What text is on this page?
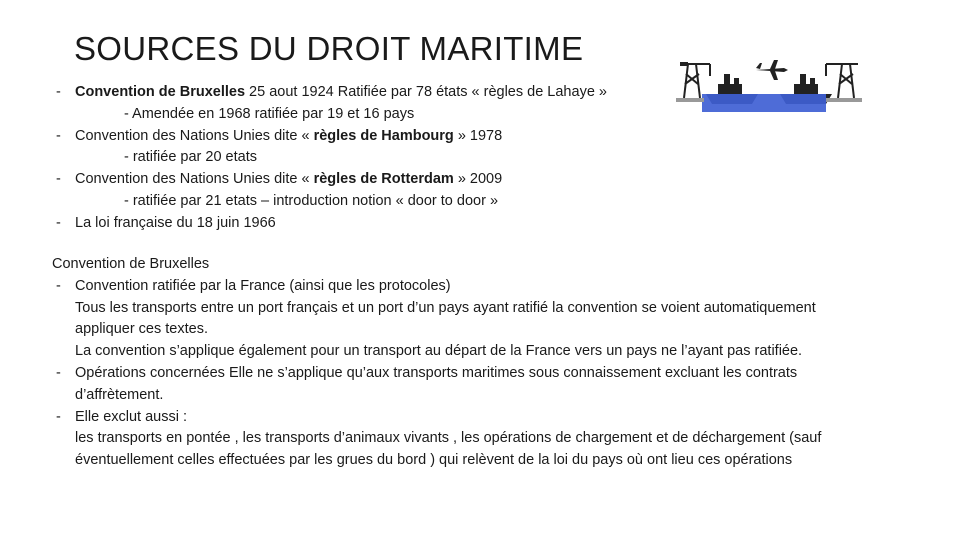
SOURCES DU DROIT MARITIME
- Convention de Bruxelles 25 aout 1924 Ratifiée par 78 états « règles de Lahaye »
- Amendée en 1968 ratifiée par 19 et 16 pays
- Convention des Nations Unies dite « règles de Hambourg » 1978
- ratifiée par 20 etats
- Convention des Nations Unies dite « règles de Rotterdam » 2009
- ratifiée par 21 etats – introduction notion « door to door »
- La loi française du 18 juin 1966
Convention de Bruxelles
- Convention ratifiée par la France (ainsi que les protocoles)
Tous les transports entre un port français et un port d’un pays ayant ratifié la convention se voient automatiquement appliquer ces textes.
La convention s’applique également pour un transport au départ de la France vers un pays ne l’ayant pas ratifiée.
- Opérations concernées Elle ne s’applique qu’aux transports maritimes sous connaissement excluant les contrats d’affrètement.
- Elle exclut aussi :
les transports en pontée , les transports d’animaux vivants , les opérations de chargement et de déchargement (sauf éventuellement celles effectuées par les grues du bord ) qui relèvent de la loi du pays où ont lieu ces opérations
